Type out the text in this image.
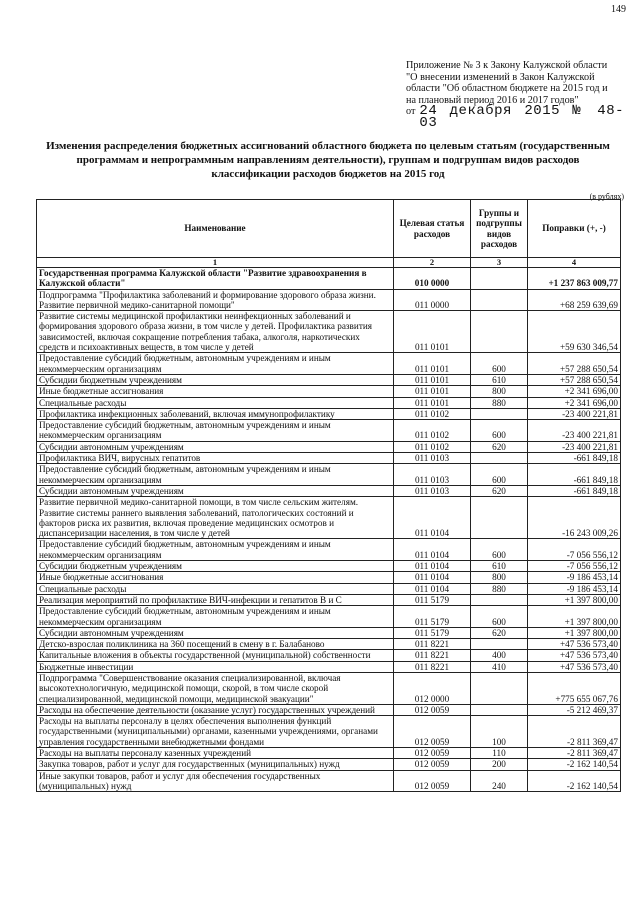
149
Приложение № 3 к Закону Калужской области
"О внесении изменений в Закон Калужской
области "Об областном бюджете на 2015 год и
на плановый период 2016 и 2017 годов"
от 24 декабря 2015 № 48-03
Изменения распределения бюджетных ассигнований областного бюджета по целевым статьям (государственным программам и непрограммным направлениям деятельности), группам и подгруппам видов расходов классификации расходов бюджетов на 2015 год
(в рублях)
Наименование	Целевая статья расходов	Группы и подгруппы видов расходов	Поправки (+, -)
1	2	3	4
Государственная программа Калужской области "Развитие здравоохранения в Калужской области"	010 0000		+1 237 863 009,77
Подпрограмма "Профилактика заболеваний и формирование здорового образа жизни. Развитие первичной медико-санитарной помощи"	011 0000		+68 259 639,69
Развитие системы медицинской профилактики неинфекционных заболеваний и формирования здорового образа жизни, в том числе у детей. Профилактика развития зависимостей, включая сокращение потребления табака, алкоголя, наркотических средств и психоактивных веществ, в том числе у детей	011 0101		+59 630 346,54
Предоставление субсидий бюджетным, автономным учреждениям и иным некоммерческим организациям	011 0101	600	+57 288 650,54
Субсидии бюджетным учреждениям	011 0101	610	+57 288 650,54
Иные бюджетные ассигнования	011 0101	800	+2 341 696,00
Специальные расходы	011 0101	880	+2 341 696,00
Профилактика инфекционных заболеваний, включая иммунопрофилактику	011 0102		-23 400 221,81
Предоставление субсидий бюджетным, автономным учреждениям и иным некоммерческим организациям	011 0102	600	-23 400 221,81
Субсидии автономным учреждениям	011 0102	620	-23 400 221,81
Профилактика ВИЧ, вирусных гепатитов	011 0103		-661 849,18
Предоставление субсидий бюджетным, автономным учреждениям и иным некоммерческим организациям	011 0103	600	-661 849,18
Субсидии автономным учреждениям	011 0103	620	-661 849,18
Развитие первичной медико-санитарной помощи, в том числе сельским жителям. Развитие системы раннего выявления заболеваний, патологических состояний и факторов риска их развития, включая проведение медицинских осмотров и диспансеризации населения, в том числе у детей	011 0104		-16 243 009,26
Предоставление субсидий бюджетным, автономным учреждениям и иным некоммерческим организациям	011 0104	600	-7 056 556,12
Субсидии бюджетным учреждениям	011 0104	610	-7 056 556,12
Иные бюджетные ассигнования	011 0104	800	-9 186 453,14
Специальные расходы	011 0104	880	-9 186 453,14
Реализация мероприятий по профилактике ВИЧ-инфекции и гепатитов В и С	011 5179		+1 397 800,00
Предоставление субсидий бюджетным, автономным учреждениям и иным некоммерческим организациям	011 5179	600	+1 397 800,00
Субсидии автономным учреждениям	011 5179	620	+1 397 800,00
Детско-взрослая поликлиника на 360 посещений в смену в г. Балабаново	011 8221		+47 536 573,40
Капитальные вложения в объекты государственной (муниципальной) собственности	011 8221	400	+47 536 573,40
Бюджетные инвестиции	011 8221	410	+47 536 573,40
Подпрограмма "Совершенствование оказания специализированной, включая высокотехнологичную, медицинской помощи, скорой, в том числе скорой специализированной, медицинской помощи, медицинской эвакуации"	012 0000		+775 655 067,76
Расходы на обеспечение деятельности (оказание услуг) государственных учреждений	012 0059		-5 212 469,37
Расходы на выплаты персоналу в целях обеспечения выполнения функций государственными (муниципальными) органами, казенными учреждениями, органами управления государственными внебюджетными фондами	012 0059	100	-2 811 369,47
Расходы на выплаты персоналу казенных учреждений	012 0059	110	-2 811 369,47
Закупка товаров, работ и услуг для государственных (муниципальных) нужд	012 0059	200	-2 162 140,54
Иные закупки товаров, работ и услуг для обеспечения государственных (муниципальных) нужд	012 0059	240	-2 162 140,54
